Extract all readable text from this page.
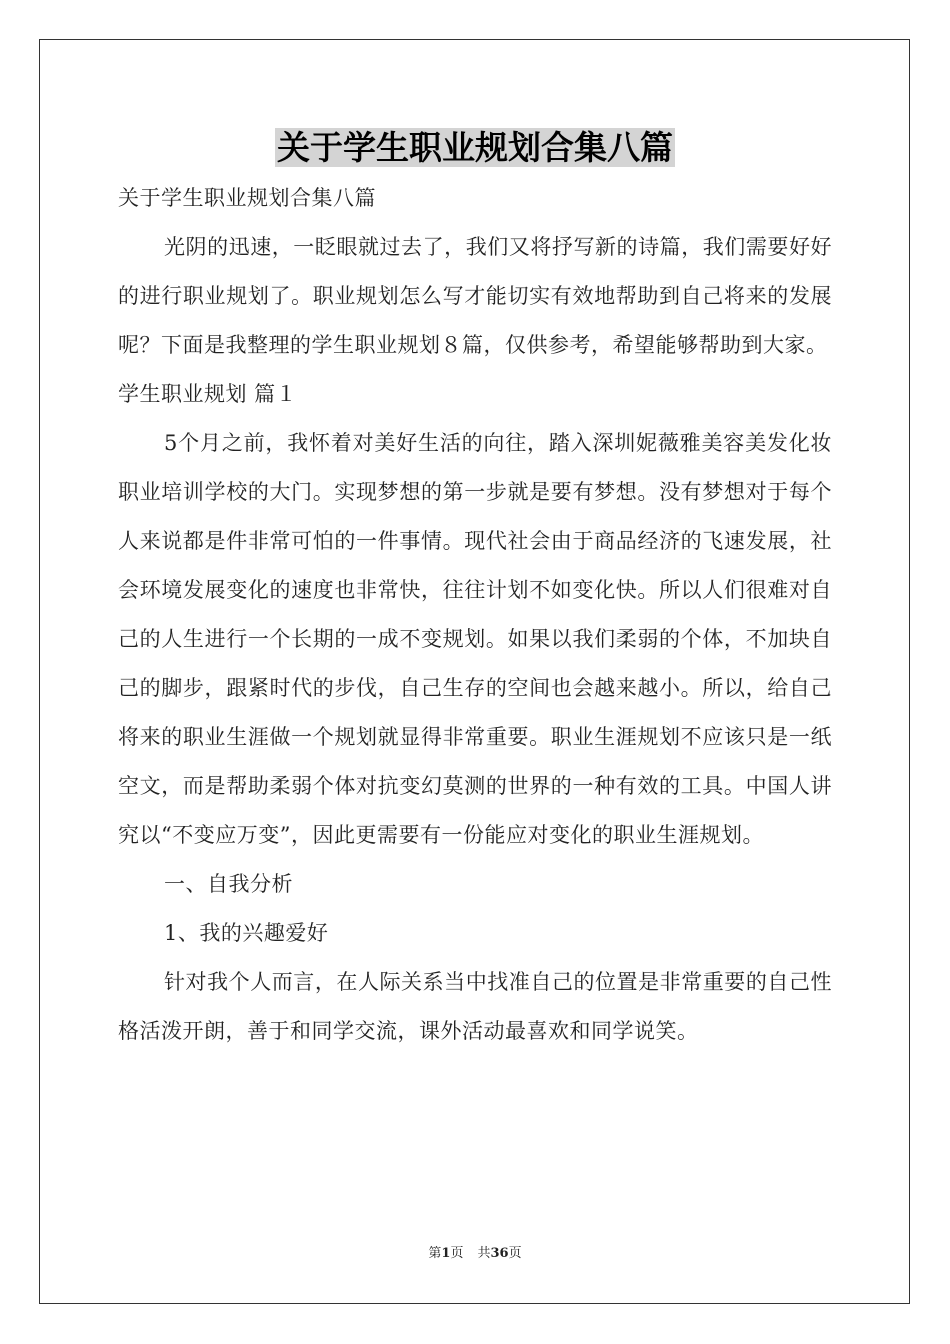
关于学生职业规划合集八篇

关于学生职业规划合集八篇

光阴的迅速，一眨眼就过去了，我们又将抒写新的诗篇，我们需要好好的进行职业规划了。职业规划怎么写才能切实有效地帮助到自己将来的发展呢？下面是我整理的学生职业规划８篇，仅供参考，希望能够帮助到大家。

学生职业规划 篇１

5个月之前，我怀着对美好生活的向往，踏入深圳妮薇雅美容美发化妆职业培训学校的大门。实现梦想的第一步就是要有梦想。没有梦想对于每个人来说都是件非常可怕的一件事情。现代社会由于商品经济的飞速发展，社会环境发展变化的速度也非常快，往往计划不如变化快。所以人们很难对自己的人生进行一个长期的一成不变规划。如果以我们柔弱的个体，不加块自己的脚步，跟紧时代的步伐，自己生存的空间也会越来越小。所以，给自己将来的职业生涯做一个规划就显得非常重要。职业生涯规划不应该只是一纸空文，而是帮助柔弱个体对抗变幻莫测的世界的一种有效的工具。中国人讲究以“不变应万变”，因此更需要有一份能应对变化的职业生涯规划。

一、自我分析

1、我的兴趣爱好

针对我个人而言，在人际关系当中找准自己的位置是非常重要的自己性格活泼开朗，善于和同学交流，课外活动最喜欢和同学说笑。

第1页 共36页
